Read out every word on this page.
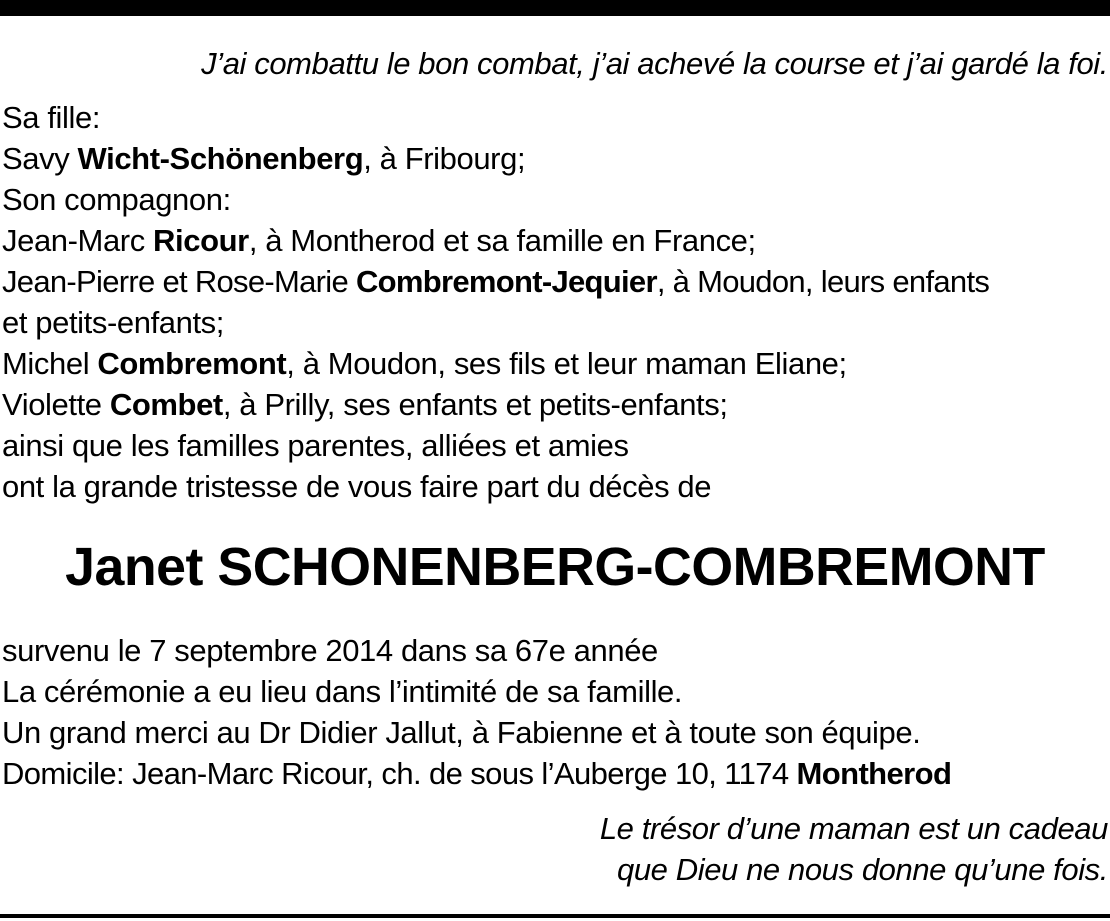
J’ai combattu le bon combat, j’ai achevé la course et j’ai gardé la foi.
Sa fille:
Savy Wicht-Schönenberg, à Fribourg;
Son compagnon:
Jean-Marc Ricour, à Montherod et sa famille en France;
Jean-Pierre et Rose-Marie Combremont-Jequier, à Moudon, leurs enfants
et petits-enfants;
Michel Combremont, à Moudon, ses fils et leur maman Eliane;
Violette Combet, à Prilly, ses enfants et petits-enfants;
ainsi que les familles parentes, alliées et amies
ont la grande tristesse de vous faire part du décès de
Janet SCHONENBERG-COMBREMONT
survenu le 7 septembre 2014 dans sa 67e année
La cérémonie a eu lieu dans l’intimité de sa famille.
Un grand merci au Dr Didier Jallut, à Fabienne et à toute son équipe.
Domicile: Jean-Marc Ricour, ch. de sous l’Auberge 10, 1174 Montherod
Le trésor d’une maman est un cadeau
que Dieu ne nous donne qu’une fois.
